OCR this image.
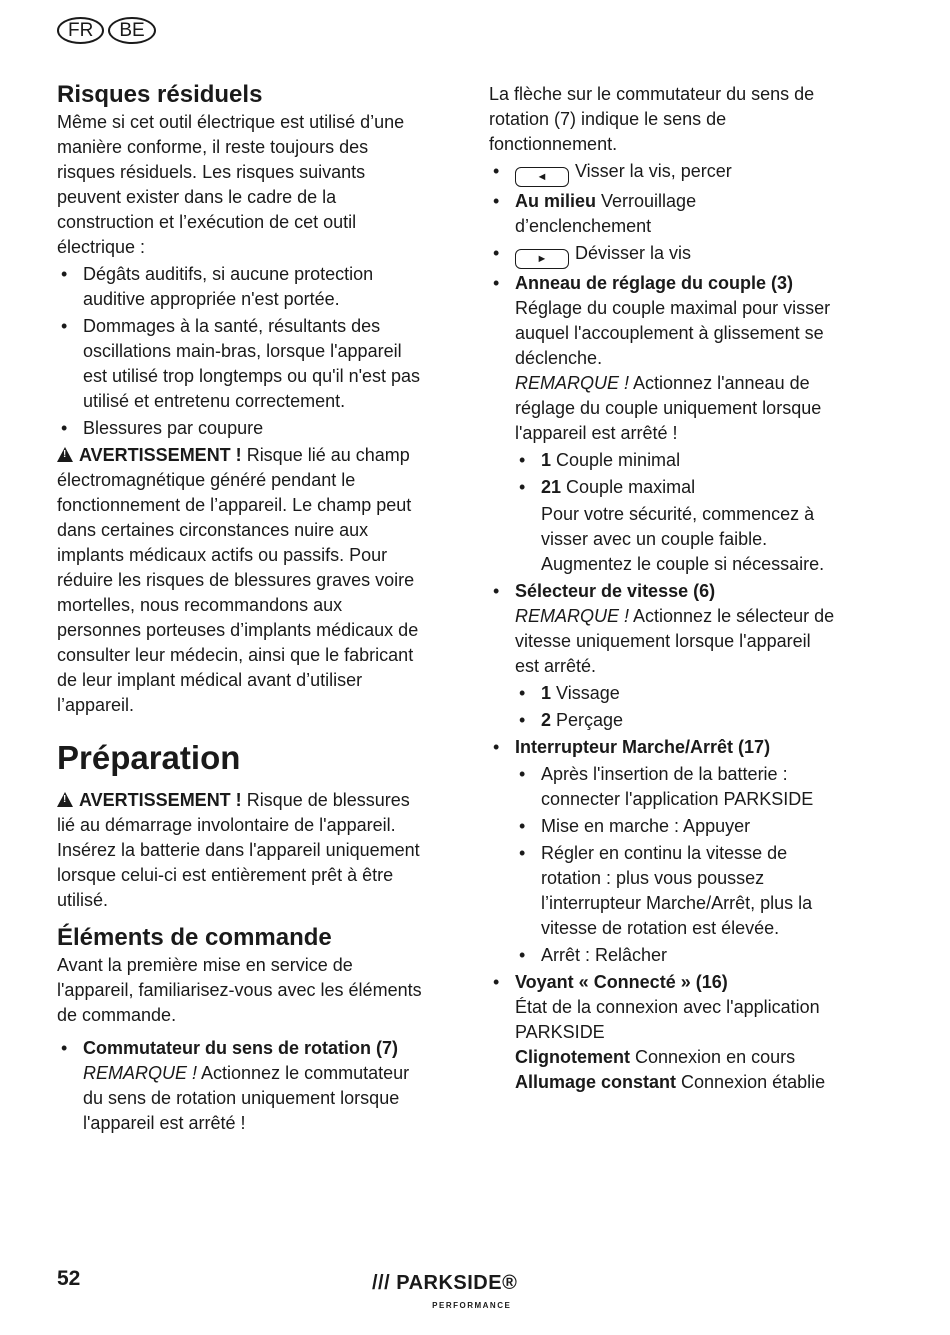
FR	BE
Risques résiduels

Même si cet outil électrique est utilisé d’une manière conforme, il reste toujours des risques résiduels. Les risques suivants peuvent exister dans le cadre de la construction et l’exécution de cet outil électrique :

• Dégâts auditifs, si aucune protection auditive appropriée n'est portée.
• Dommages à la santé, résultants des oscillations main-bras, lorsque l'appareil est utilisé trop longtemps ou qu'il n'est pas utilisé et entretenu correctement.
• Blessures par coupure

!AVERTISSEMENT ! Risque lié au champ électromagnétique généré pendant le fonctionnement de l’appareil. Le champ peut dans certaines circonstances nuire aux implants médicaux actifs ou passifs. Pour réduire les risques de blessures graves voire mortelles, nous recommandons aux personnes porteuses d’implants médicaux de consulter leur médecin, ainsi que le fabricant de leur implant médical avant d’utiliser l’appareil.

Préparation

!AVERTISSEMENT ! Risque de blessures lié au démarrage involontaire de l'appareil. Insérez la batterie dans l'appareil uniquement lorsque celui-ci est entièrement prêt à être utilisé.

Éléments de commande

Avant la première mise en service de l'appareil, familiarisez-vous avec les éléments de commande.

• Commutateur du sens de rotation (7)
REMARQUE ! Actionnez le commutateur du sens de rotation uniquement lorsque l'appareil est arrêté !

La flèche sur le commutateur du sens de rotation (7) indique le sens de fonctionnement.

• ◄ Visser la vis, percer
• Au milieu Verrouillage d’enclenchement
• ► Dévisser la vis
• Anneau de réglage du couple (3)
Réglage du couple maximal pour visser auquel l'accouplement à glissement se déclenche.
REMARQUE ! Actionnez l'anneau de réglage du couple uniquement lorsque l'appareil est arrêté !
• 1 Couple minimal
• 21 Couple maximal

Pour votre sécurité, commencez à visser avec un couple faible. Augmentez le couple si nécessaire.

• Sélecteur de vitesse (6)
REMARQUE ! Actionnez le sélecteur de vitesse uniquement lorsque l'appareil est arrêté.
• 1 Vissage
• 2 Perçage
• Interrupteur Marche/Arrêt (17)
• Après l'insertion de la batterie : connecter l'application PARKSIDE
• Mise en marche : Appuyer
• Régler en continu la vitesse de rotation : plus vous poussez l’interrupteur Marche/Arrêt, plus la vitesse de rotation est élevée.
• Arrêt : Relâcher
• Voyant « Connecté » (16)
État de la connexion avec l'application PARKSIDE
Clignotement Connexion en cours
Allumage constant Connexion établie
52	/// PARKSIDE®
PERFORMANCE
